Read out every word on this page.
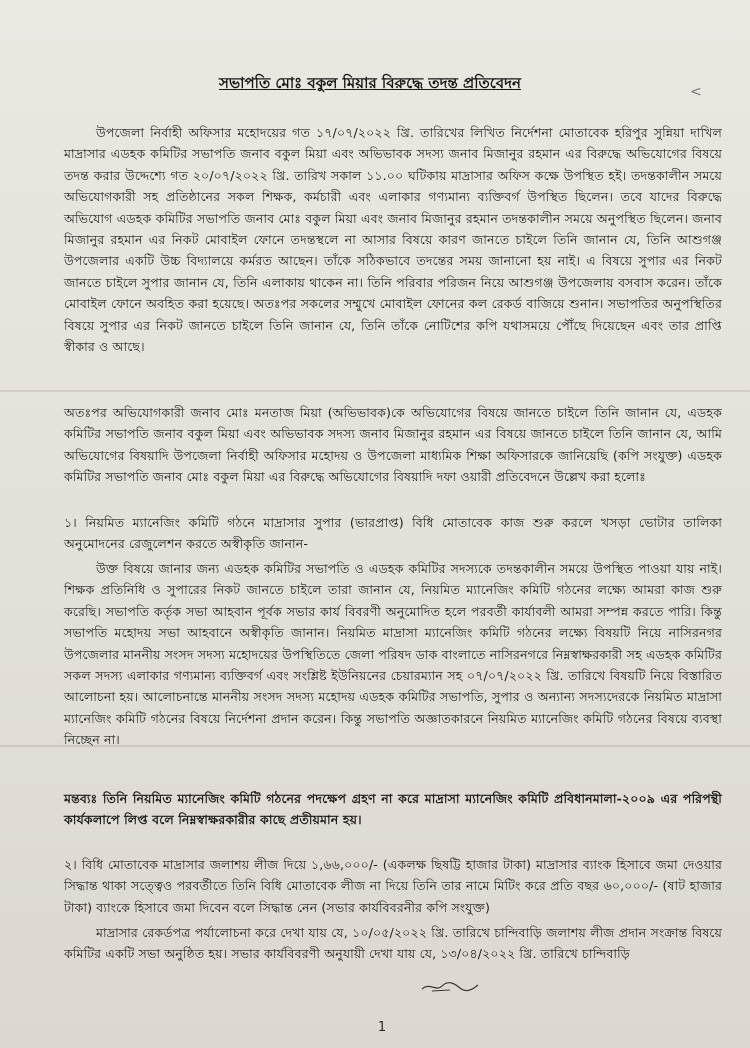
<
সভাপতি মোঃ বকুল মিয়ার বিরুদ্ধে তদন্ত প্রতিবেদন
উপজেলা নির্বাহী অফিসার মহোদয়ের গত ১৭/০৭/২০২২ খ্রি. তারিখের লিখিত নির্দেশনা মোতাবেক হরিপুর সুন্নিয়া দাখিল মাদ্রাসার এডহক কমিটির সভাপতি জনাব বকুল মিয়া এবং অভিভাবক সদস্য জনাব মিজানুর রহমান এর বিরুদ্ধে অভিযোগের বিষয়ে তদন্ত করার উদ্দেশ্যে গত ২০/০৭/২০২২ খ্রি. তারিখ সকাল ১১.০০ ঘটিকায় মাদ্রাসার অফিস কক্ষে উপস্থিত হই। তদন্তকালীন সময়ে অভিযোগকারী সহ প্রতিষ্ঠানের সকল শিক্ষক, কর্মচারী এবং এলাকার গণ্যমান্য ব্যক্তিবর্গ উপস্থিত ছিলেন। তবে যাদের বিরুদ্ধে অভিযোগ এডহক কমিটির সভাপতি জনাব মোঃ বকুল মিয়া এবং জনাব মিজানুর রহমান তদন্তকালীন সময়ে অনুপস্থিত ছিলেন। জনাব মিজানুর রহমান এর নিকট মোবাইল ফোনে তদন্তস্থলে না আসার বিষয়ে কারণ জানতে চাইলে তিনি জানান যে, তিনি আশুগঞ্জ উপজেলার একটি উচ্চ বিদ্যালয়ে কর্মরত আছেন। তাঁকে সঠিকভাবে তদন্তের সময় জানানো হয় নাই। এ বিষয়ে সুপার এর নিকট জানতে চাইলে সুপার জানান যে, তিনি এলাকায় থাকেন না। তিনি পরিবার পরিজন নিয়ে আশুগঞ্জ উপজেলায় বসবাস করেন। তাঁকে মোবাইল ফোনে অবহিত করা হয়েছে। অতঃপর সকলের সম্মুখে মোবাইল ফোনের কল রেকর্ড বাজিয়ে শুনান। সভাপতির অনুপস্থিতির বিষয়ে সুপার এর নিকট জানতে চাইলে তিনি জানান যে, তিনি তাঁকে নোটিশের কপি যথাসময়ে পৌঁছে দিয়েছেন এবং তার প্রাপ্তি স্বীকার ও আছে।
অতঃপর অভিযোগকারী জনাব মোঃ মনতাজ মিয়া (অভিভাবক)কে অভিযোগের বিষয়ে জানতে চাইলে তিনি জানান যে, এডহক কমিটির সভাপতি জনাব বকুল মিয়া এবং অভিভাবক সদস্য জনাব মিজানুর রহমান এর বিষয়ে জানতে চাইলে তিনি জানান যে, আমি অভিযোগের বিষয়াদি উপজেলা নির্বাহী অফিসার মহোদয় ও উপজেলা মাধ্যমিক শিক্ষা অফিসারকে জানিয়েছি (কপি সংযুক্ত) এডহক কমিটির সভাপতি জনাব মোঃ বকুল মিয়া এর বিরুদ্ধে অভিযোগের বিষয়াদি দফা ওয়ারী প্রতিবেদনে উল্লেখ করা হলোঃ
১। নিয়মিত ম্যানেজিং কমিটি গঠনে মাদ্রাসার সুপার (ভারপ্রাপ্ত) বিধি মোতাবেক কাজ শুরু করলে খসড়া ভোটার তালিকা অনুমোদনের রেজুলেশন করতে অস্বীকৃতি জানান-
উক্ত বিষয়ে জানার জন্য এডহক কমিটির সভাপতি ও এডহক কমিটির সদস্যকে তদন্তকালীন সময়ে উপস্থিত পাওয়া যায় নাই। শিক্ষক প্রতিনিধি ও সুপারের নিকট জানতে চাইলে তারা জানান যে, নিয়মিত ম্যানেজিং কমিটি গঠনের লক্ষ্যে আমরা কাজ শুরু করেছি। সভাপতি কর্তৃক সভা আহবান পূর্বক সভার কার্য বিবরণী অনুমোদিত হলে পরবর্তী কার্যাবলী আমরা সম্পন্ন করতে পারি। কিন্তু সভাপতি মহোদয় সভা আহবানে অস্বীকৃতি জানান। নিয়মিত মাদ্রাসা ম্যানেজিং কমিটি গঠনের লক্ষ্যে বিষয়টি নিয়ে নাসিরনগর উপজেলার মাননীয় সংসদ সদস্য মহোদয়ের উপস্থিতিতে জেলা পরিষদ ডাক বাংলাতে নাসিরনগরে নিম্নস্বাক্ষরকারী সহ এডহক কমিটির সকল সদস্য এলাকার গণ্যমান্য ব্যক্তিবর্গ এবং সংশ্লিষ্ট ইউনিয়নের চেয়ারম্যান সহ ০৭/০৭/২০২২ খ্রি. তারিখে বিষয়টি নিয়ে বিস্তারিত আলোচনা হয়। আলোচনান্তে মাননীয় সংসদ সদস্য মহোদয় এডহক কমিটির সভাপতি, সুপার ও অন্যান্য সদস্যদেরকে নিয়মিত মাদ্রাসা ম্যানেজিং কমিটি গঠনের বিষয়ে নির্দেশনা প্রদান করেন। কিন্তু সভাপতি অজ্ঞাতকারনে নিয়মিত ম্যানেজিং কমিটি গঠনের বিষয়ে ব্যবস্থা নিচ্ছেন না।
মন্তব্যঃ তিনি নিয়মিত ম্যানেজিং কমিটি গঠনের পদক্ষেপ গ্রহণ না করে মাদ্রাসা ম্যানেজিং কমিটি প্রবিধানমালা-২০০৯ এর পরিপন্থী কার্যকলাপে লিপ্ত বলে নিম্নস্বাক্ষরকারীর কাছে প্রতীয়মান হয়।
২। বিধি মোতাবেক মাদ্রাসার জলাশয় লীজ দিয়ে ১,৬৬,০০০/- (একলক্ষ ছিষট্টি হাজার টাকা) মাদ্রাসার ব্যাংক হিসাবে জমা দেওয়ার সিদ্ধান্ত থাকা সত্ত্বেও পরবর্তীতে তিনি বিধি মোতাবেক লীজ না দিয়ে তিনি তার নামে মিটিং করে প্রতি বছর ৬০,০০০/- (ষাট হাজার টাকা) ব্যাংকে হিসাবে জমা দিবেন বলে সিদ্ধান্ত নেন (সভার কার্যবিবরনীর কপি সংযুক্ত)
মাদ্রাসার রেকর্ডপত্র পর্যালোচনা করে দেখা যায় যে, ১০/০৫/২০২২ খ্রি. তারিখে চান্দিবাড়ি জলাশয় লীজ প্রদান সংক্রান্ত বিষয়ে কমিটির একটি সভা অনুষ্ঠিত হয়। সভার কার্যবিবরণী অনুযায়ী দেখা যায় যে, ১৩/০৪/২০২২ খ্রি. তারিখে চান্দিবাড়ি
1
